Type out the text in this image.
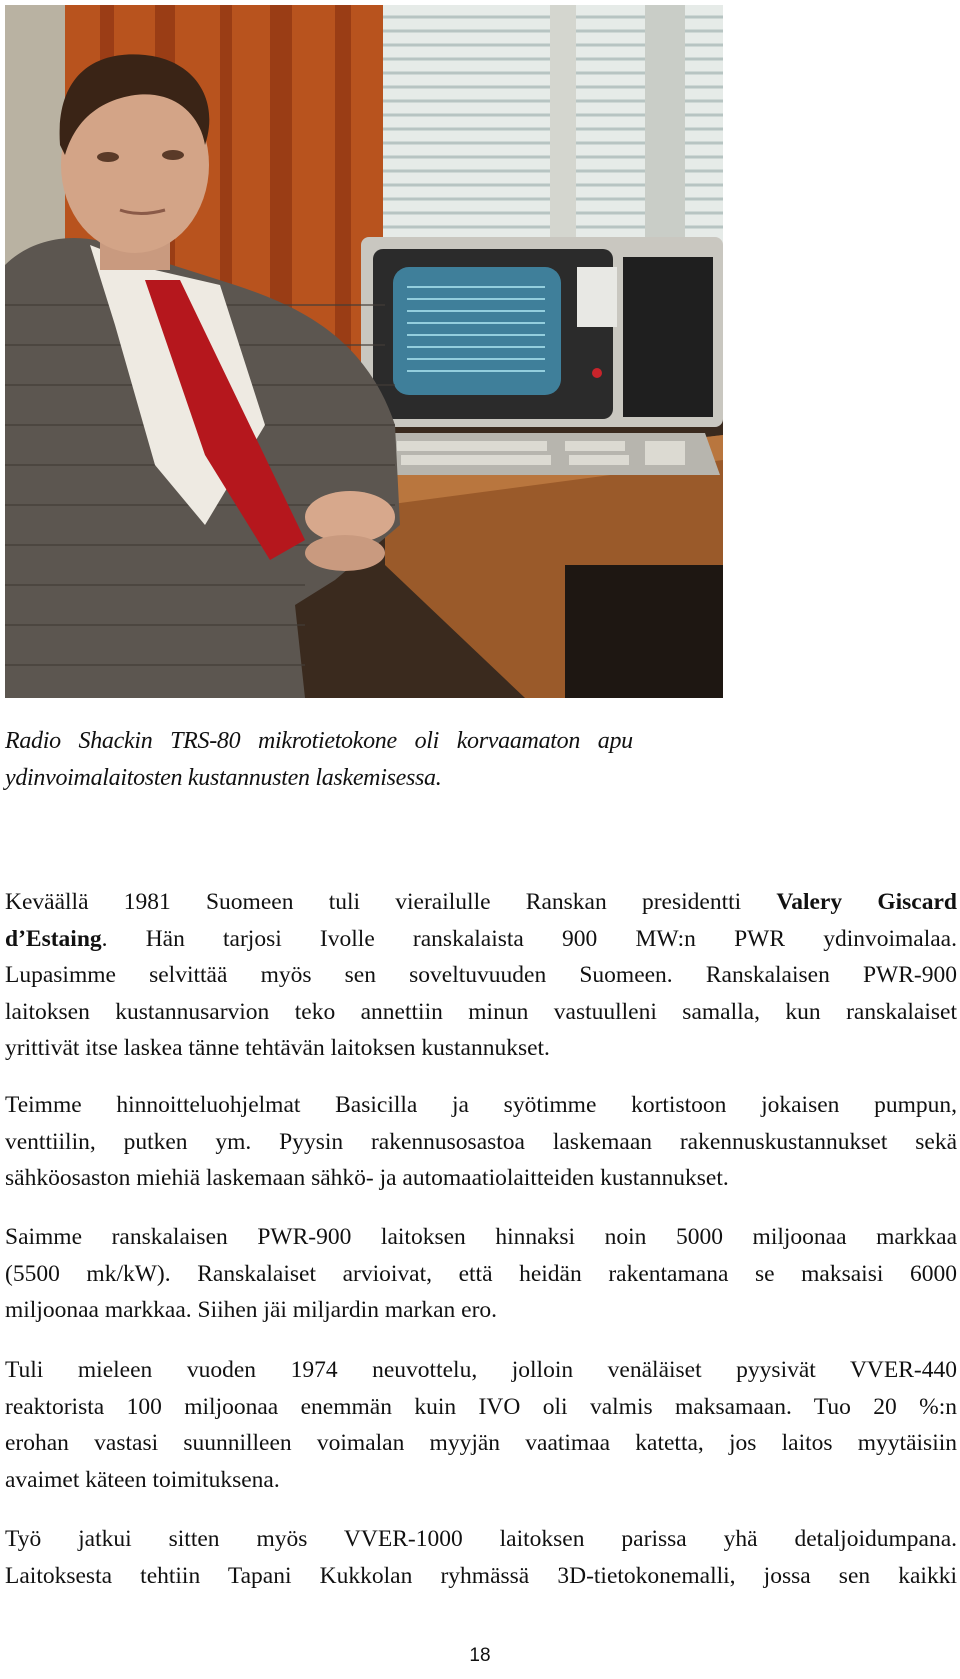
Radio Shackin TRS-80 mikrotietokone oli korvaamaton apu
ydinvoimalaitosten kustannusten laskemisessa.

Keväällä 1981 Suomeen tuli vierailulle Ranskan presidentti Valery Giscard
d’Estaing. Hän tarjosi Ivolle ranskalaista 900 MW:n PWR ydinvoimalaa.
Lupasimme selvittää myös sen soveltuvuuden Suomeen. Ranskalaisen PWR-900
laitoksen kustannusarvion teko annettiin minun vastuulleni samalla, kun ranskalaiset
yrittivät itse laskea tänne tehtävän laitoksen kustannukset.

Teimme hinnoitteluohjelmat Basicilla ja syötimme kortistoon jokaisen pumpun,
venttiilin, putken ym. Pyysin rakennusosastoa laskemaan rakennuskustannukset sekä
sähköosaston miehiä laskemaan sähkö- ja automaatiolaitteiden kustannukset.

Saimme ranskalaisen PWR-900 laitoksen hinnaksi noin 5000 miljoonaa markkaa
(5500 mk/kW). Ranskalaiset arvioivat, että heidän rakentamana se maksaisi 6000
miljoonaa markkaa. Siihen jäi miljardin markan ero.

Tuli mieleen vuoden 1974 neuvottelu, jolloin venäläiset pyysivät VVER-440
reaktorista 100 miljoonaa enemmän kuin IVO oli valmis maksamaan. Tuo 20 %:n
erohan vastasi suunnilleen voimalan myyjän vaatimaa katetta, jos laitos myytäisiin
avaimet käteen toimituksena.

Työ jatkui sitten myös VVER-1000 laitoksen parissa yhä detaljoidumpana.
Laitoksesta tehtiin Tapani Kukkolan ryhmässä 3D-tietokonemalli, jossa sen kaikki

18
